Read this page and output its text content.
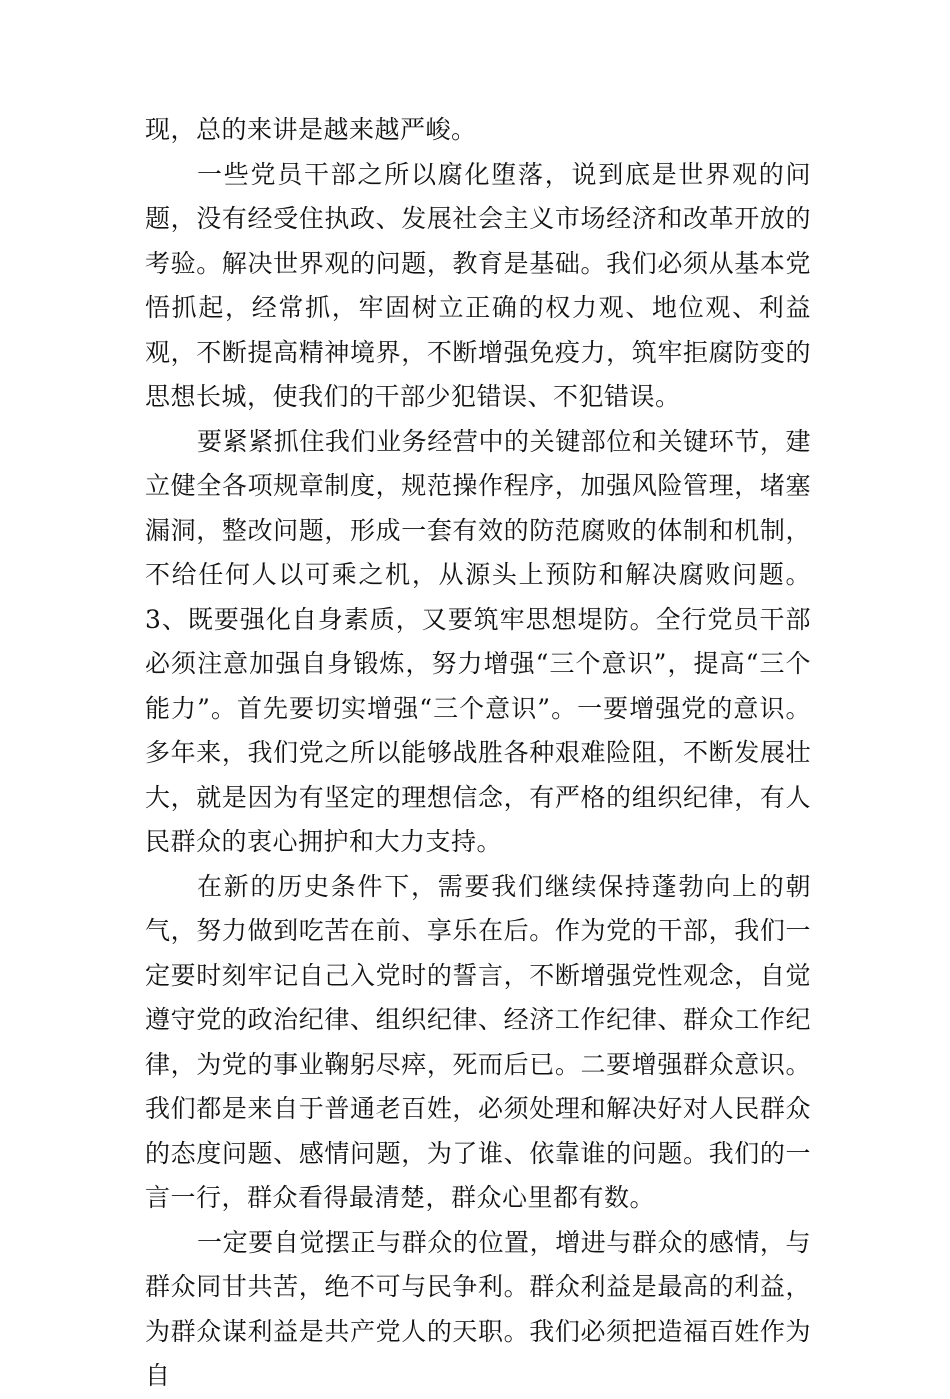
现，总的来讲是越来越严峻。

一些党员干部之所以腐化堕落，说到底是世界观的问题，没有经受住执政、发展社会主义市场经济和改革开放的考验。解决世界观的问题，教育是基础。我们必须从基本党悟抓起，经常抓，牢固树立正确的权力观、地位观、利益观，不断提高精神境界，不断增强免疫力，筑牢拒腐防变的思想长城，使我们的干部少犯错误、不犯错误。

要紧紧抓住我们业务经营中的关键部位和关键环节，建立健全各项规章制度，规范操作程序，加强风险管理，堵塞漏洞，整改问题，形成一套有效的防范腐败的体制和机制，不给任何人以可乘之机，从源头上预防和解决腐败问题。3、既要强化自身素质，又要筑牢思想堤防。全行党员干部必须注意加强自身锻炼，努力增强“三个意识”，提高“三个能力”。首先要切实增强“三个意识”。一要增强党的意识。多年来，我们党之所以能够战胜各种艰难险阻，不断发展壮大，就是因为有坚定的理想信念，有严格的组织纪律，有人民群众的衷心拥护和大力支持。

在新的历史条件下，需要我们继续保持蓬勃向上的朝气，努力做到吃苦在前、享乐在后。作为党的干部，我们一定要时刻牢记自己入党时的誓言，不断增强党性观念，自觉遵守党的政治纪律、组织纪律、经济工作纪律、群众工作纪律，为党的事业鞠躬尽瘁，死而后已。二要增强群众意识。我们都是来自于普通老百姓，必须处理和解决好对人民群众的态度问题、感情问题，为了谁、依靠谁的问题。我们的一言一行，群众看得最清楚，群众心里都有数。

一定要自觉摆正与群众的位置，增进与群众的感情，与群众同甘共苦，绝不可与民争利。群众利益是最高的利益，为群众谋利益是共产党人的天职。我们必须把造福百姓作为自
